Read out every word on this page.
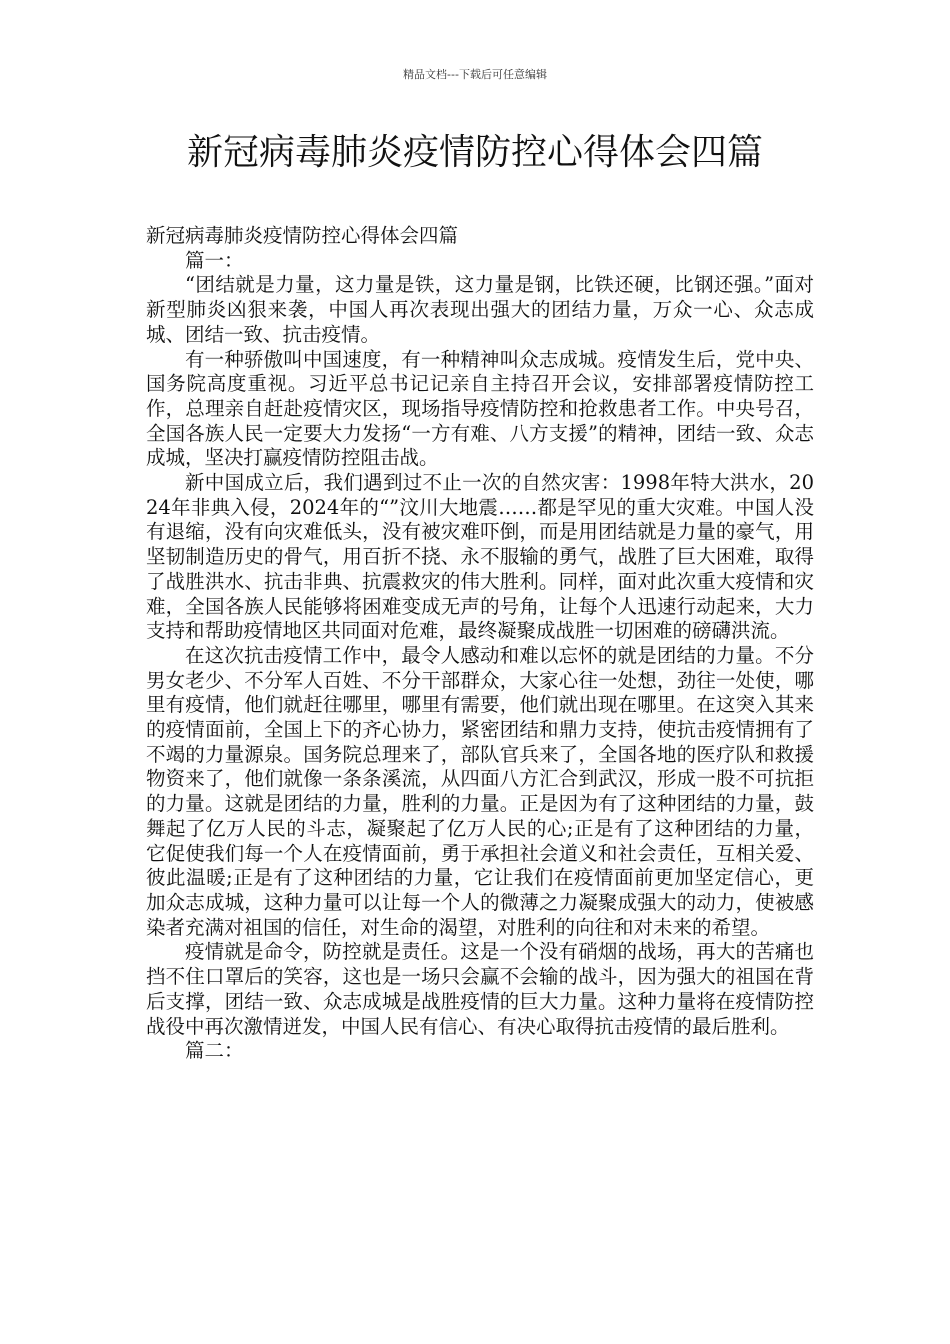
精品文档---下载后可任意编辑
新冠病毒肺炎疫情防控心得体会四篇

新冠病毒肺炎疫情防控心得体会四篇

篇一：

“团结就是力量，这力量是铁，这力量是钢，比铁还硬，比钢还强。”面对新型肺炎凶狠来袭，中国人再次表现出强大的团结力量，万众一心、众志成城、团结一致、抗击疫情。

有一种骄傲叫中国速度，有一种精神叫众志成城。疫情发生后，党中央、国务院高度重视。习近平总书记记亲自主持召开会议，安排部署疫情防控工作，总理亲自赶赴疫情灾区，现场指导疫情防控和抢救患者工作。中央号召，全国各族人民一定要大力发扬“一方有难、八方支援”的精神，团结一致、众志成城，坚决打赢疫情防控阻击战。

新中国成立后，我们遇到过不止一次的自然灾害：1998年特大洪水，2024年非典入侵，2024年的“”汶川大地震……都是罕见的重大灾难。中国人没有退缩，没有向灾难低头，没有被灾难吓倒，而是用团结就是力量的豪气，用坚韧制造历史的骨气，用百折不挠、永不服输的勇气，战胜了巨大困难，取得了战胜洪水、抗击非典、抗震救灾的伟大胜利。同样，面对此次重大疫情和灾难，全国各族人民能够将困难变成无声的号角，让每个人迅速行动起来，大力支持和帮助疫情地区共同面对危难，最终凝聚成战胜一切困难的磅礴洪流。

在这次抗击疫情工作中，最令人感动和难以忘怀的就是团结的力量。不分男女老少、不分军人百姓、不分干部群众，大家心往一处想，劲往一处使，哪里有疫情，他们就赶往哪里，哪里有需要，他们就出现在哪里。在这突入其来的疫情面前，全国上下的齐心协力，紧密团结和鼎力支持，使抗击疫情拥有了不竭的力量源泉。国务院总理来了，部队官兵来了，全国各地的医疗队和救援物资来了，他们就像一条条溪流，从四面八方汇合到武汉，形成一股不可抗拒的力量。这就是团结的力量，胜利的力量。正是因为有了这种团结的力量，鼓舞起了亿万人民的斗志，凝聚起了亿万人民的心;正是有了这种团结的力量，它促使我们每一个人在疫情面前，勇于承担社会道义和社会责任，互相关爱、彼此温暖;正是有了这种团结的力量，它让我们在疫情面前更加坚定信心，更加众志成城，这种力量可以让每一个人的微薄之力凝聚成强大的动力，使被感染者充满对祖国的信任，对生命的渴望，对胜利的向往和对未来的希望。

疫情就是命令，防控就是责任。这是一个没有硝烟的战场，再大的苦痛也挡不住口罩后的笑容，这也是一场只会赢不会输的战斗，因为强大的祖国在背后支撑，团结一致、众志成城是战胜疫情的巨大力量。这种力量将在疫情防控战役中再次激情迸发，中国人民有信心、有决心取得抗击疫情的最后胜利。

篇二：
